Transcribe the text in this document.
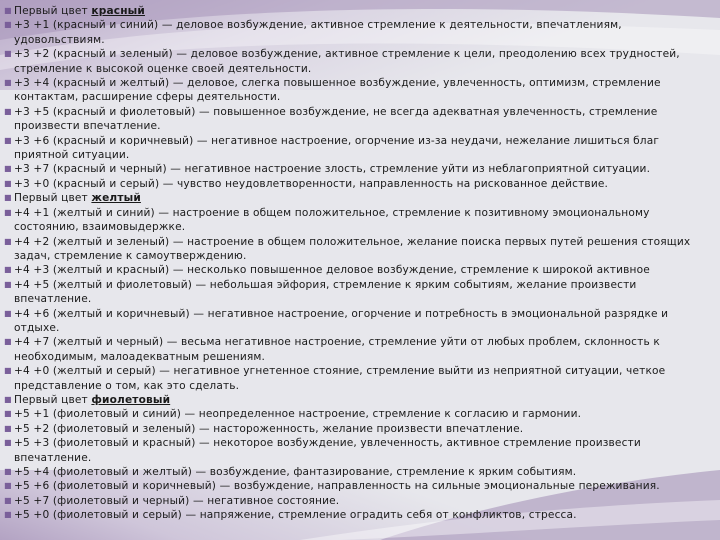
■ Первый цвет красный
■ +3 +1 (красный и синий) — деловое возбуждение, активное стремление к деятельности, впечатлениям, удовольствиям.
■ +3 +2 (красный и зеленый) — деловое возбуждение, активное стремление к цели, преодолению всех трудностей, стремление к высокой оценке своей деятельности.
■ +3 +4 (красный и желтый) — деловое, слегка повышенное возбуждение, увлеченность, оптимизм, стремление контактам, расширение сферы деятельности.
■ +3 +5 (красный и фиолетовый) — повышенное возбуждение, не всегда адекватная увлеченность, стремление произвести впечатление.
■ +3 +6 (красный и коричневый) — негативное настроение, огорчение из-за неудачи, нежелание лишиться благ приятной ситуации.
■ +3 +7 (красный и черный) — негативное настроение злость, стремление уйти из неблагоприятной ситуации.
■ +3 +0 (красный и серый) — чувство неудовлетворенности, направленность на рискованное действие.
■ Первый цвет желтый
■ +4 +1 (желтый и синий) — настроение в общем положительное, стремление к позитивному эмоциональному состоянию, взаимовыдержке.
■ +4 +2 (желтый и зеленый) — настроение в общем положительное, желание поиска первых путей решения стоящих задач, стремление к самоутверждению.
■ +4 +3 (желтый и красный) — несколько повышенное деловое возбуждение, стремление к широкой активное
■ +4 +5 (желтый и фиолетовый) — небольшая эйфория, стремление к ярким событиям, желание произвести впечатление.
■ +4 +6 (желтый и коричневый) — негативное настроение, огорчение и потребность в эмоциональной разрядке и отдыхе.
■ +4 +7 (желтый и черный) — весьма негативное настроение, стремление уйти от любых проблем, склонность к необходимым, малоадекватным решениям.
■ +4 +0 (желтый и серый) — негативное угнетенное стояние, стремление выйти из неприятной ситуации, четкое представление о том, как это сделать.
■ Первый цвет фиолетовый
■ +5 +1 (фиолетовый и синий) — неопределенное настроение, стремление к согласию и гармонии.
■ +5 +2 (фиолетовый и зеленый) — настороженность, желание произвести впечатление.
■ +5 +3 (фиолетовый и красный) — некоторое возбуждение, увлеченность, активное стремление произвести впечатление.
■ +5 +4 (фиолетовый и желтый) — возбуждение, фантазирование, стремление к ярким событиям.
■ +5 +6 (фиолетовый и коричневый) — возбуждение, направленность на сильные эмоциональные переживания.
■ +5 +7 (фиолетовый и черный) — негативное состояние.
■ +5 +0 (фиолетовый и серый) — напряжение, стремление оградить себя от конфликтов, стресса.
